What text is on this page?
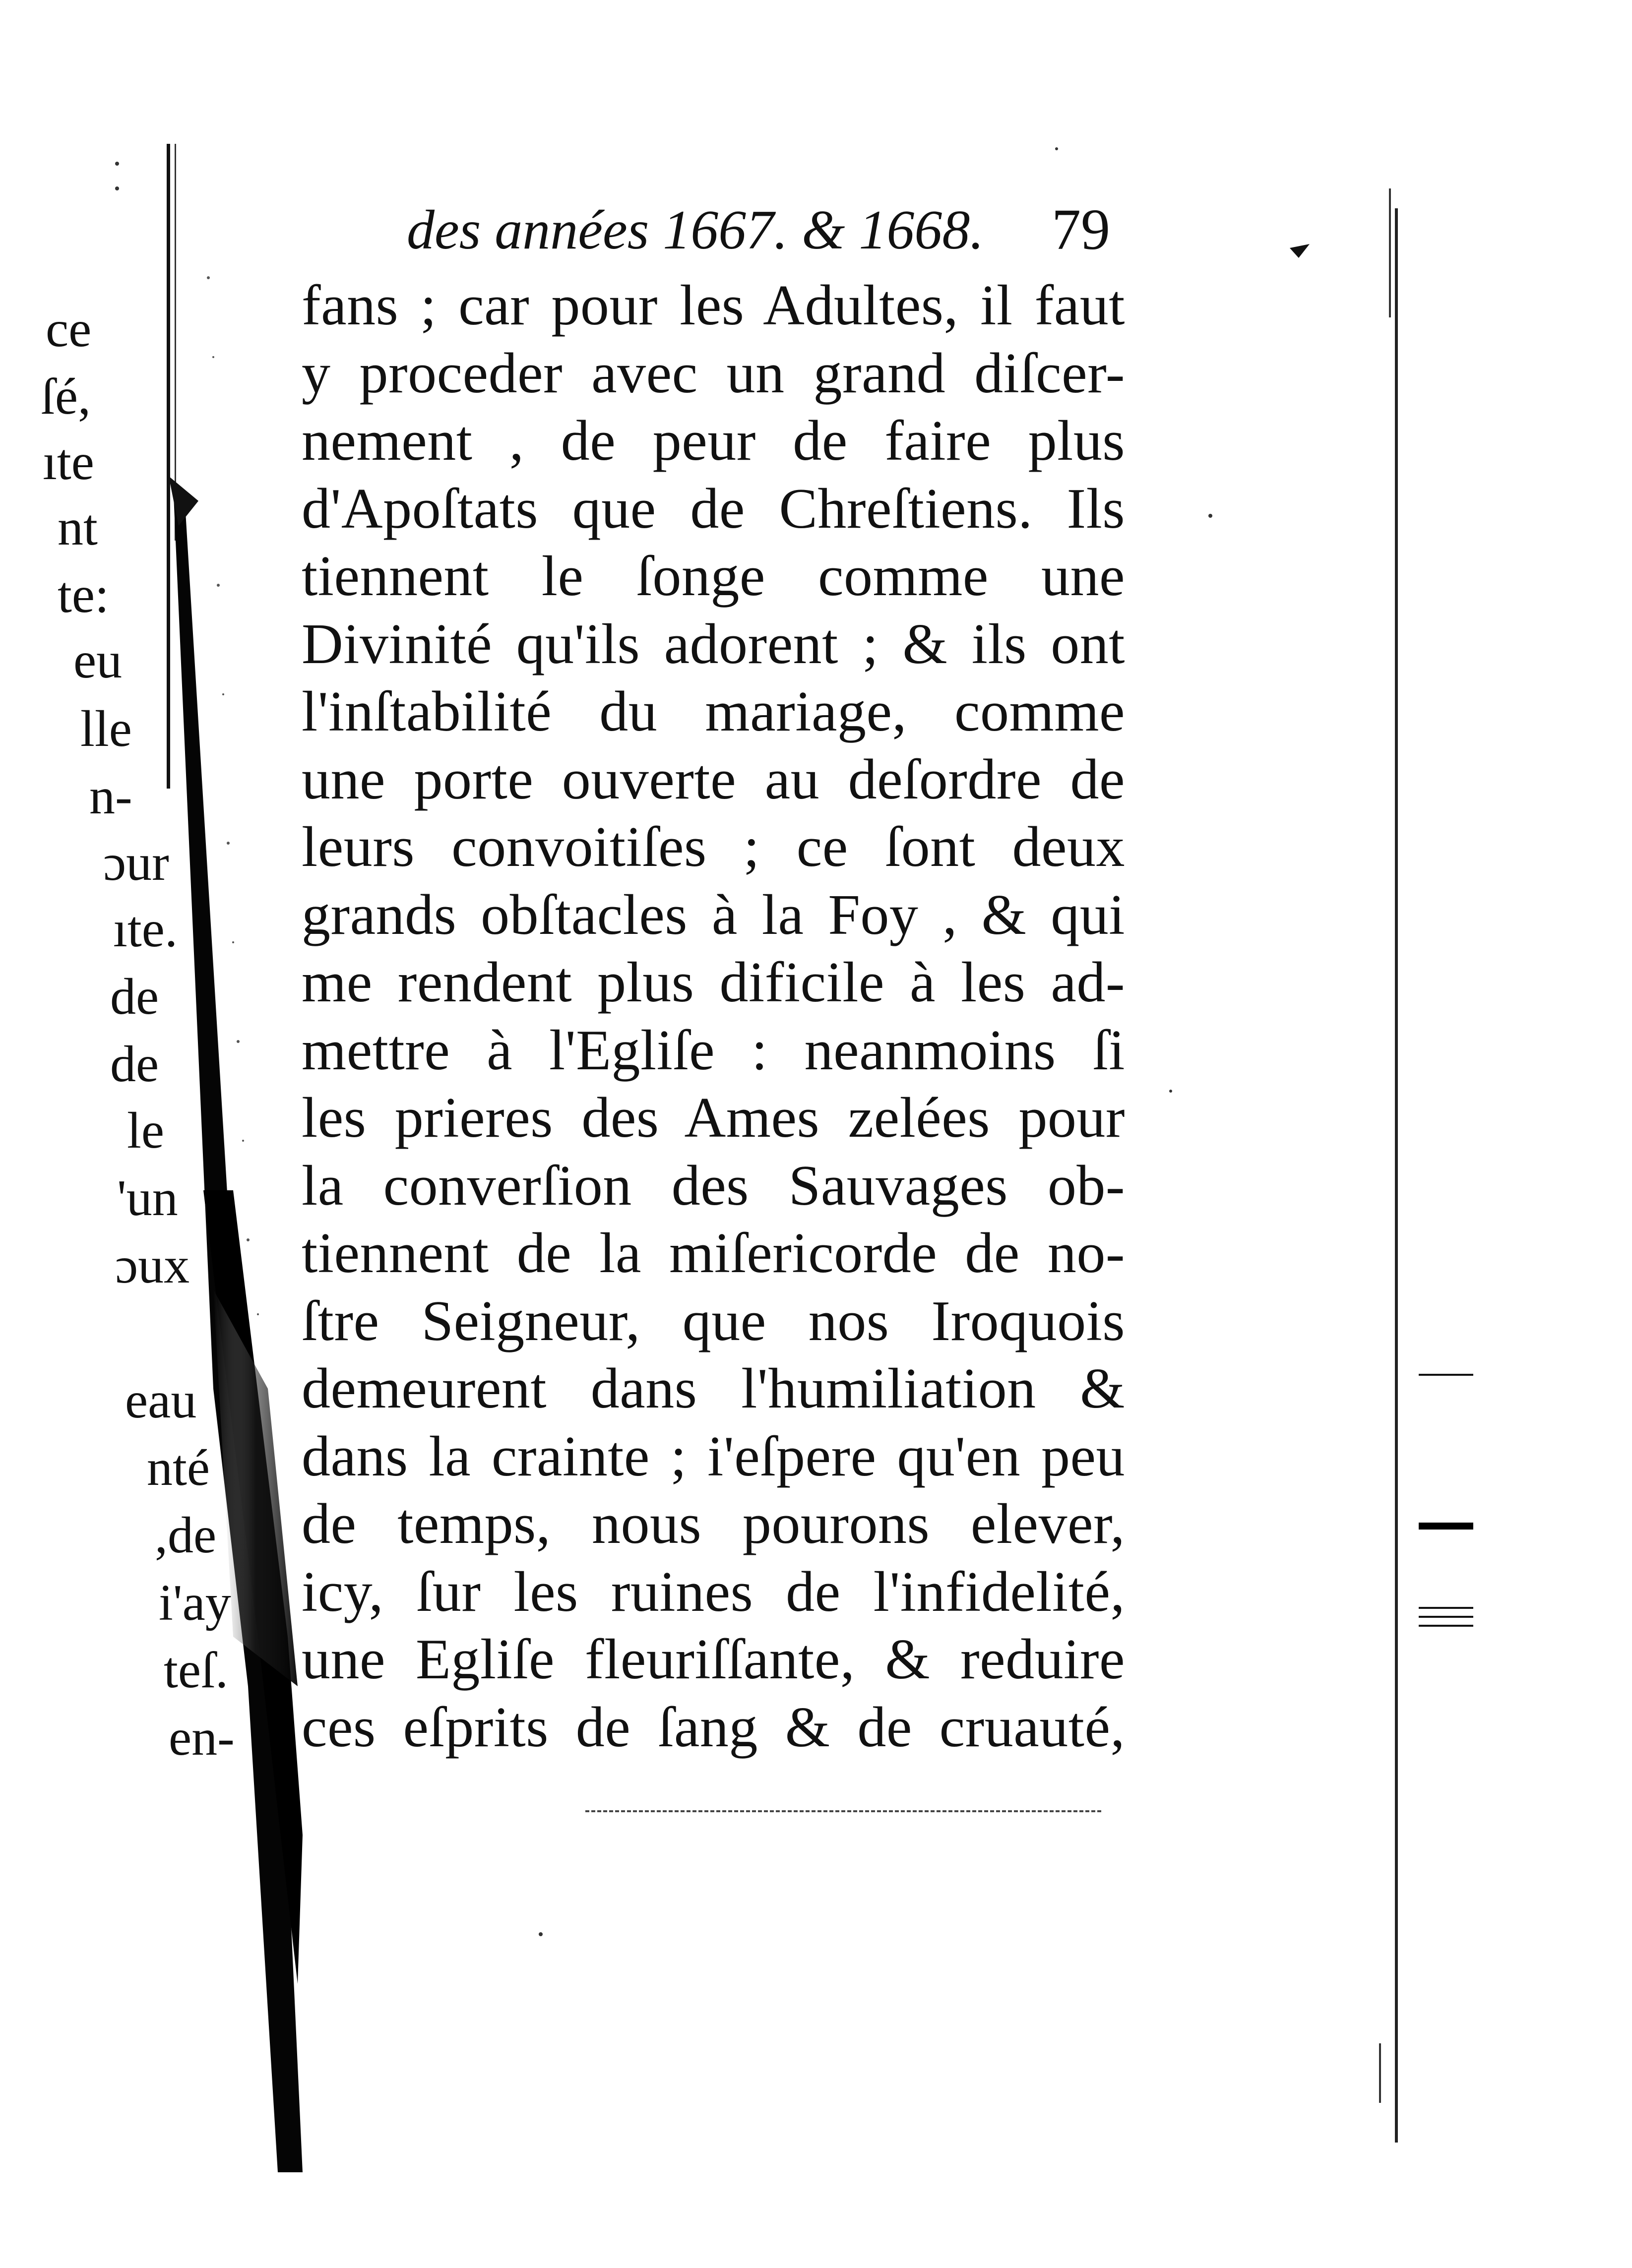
ce
ſé,
ıte
nt
te:
eu
lle
n-
ɔur
ıte.
de
de
le
'un
ɔux
eau
nté
,de
i'ay
teſ.
en-
des années 1667. & 1668. 79
fans ; car pour les Adultes, il faut
y proceder avec un grand diſcer-
nement , de peur de faire plus
d'Apoſtats que de Chreſtiens. Ils
tiennent le ſonge comme une
Divinité qu'ils adorent ; & ils ont
l'inſtabilité du mariage, comme
une porte ouverte au deſordre de
leurs convoitiſes ; ce ſont deux
grands obſtacles à la Foy , & qui
me rendent plus dificile à les ad-
mettre à l'Egliſe : neanmoins ſi
les prieres des Ames zelées pour
la converſion des Sauvages ob-
tiennent de la miſericorde de no-
ſtre Seigneur, que nos Iroquois
demeurent dans l'humiliation &
dans la crainte ; i'eſpere qu'en peu
de temps, nous pourons elever,
icy, ſur les ruines de l'infidelité,
une Egliſe fleuriſſante, & reduire
ces eſprits de ſang & de cruauté,
